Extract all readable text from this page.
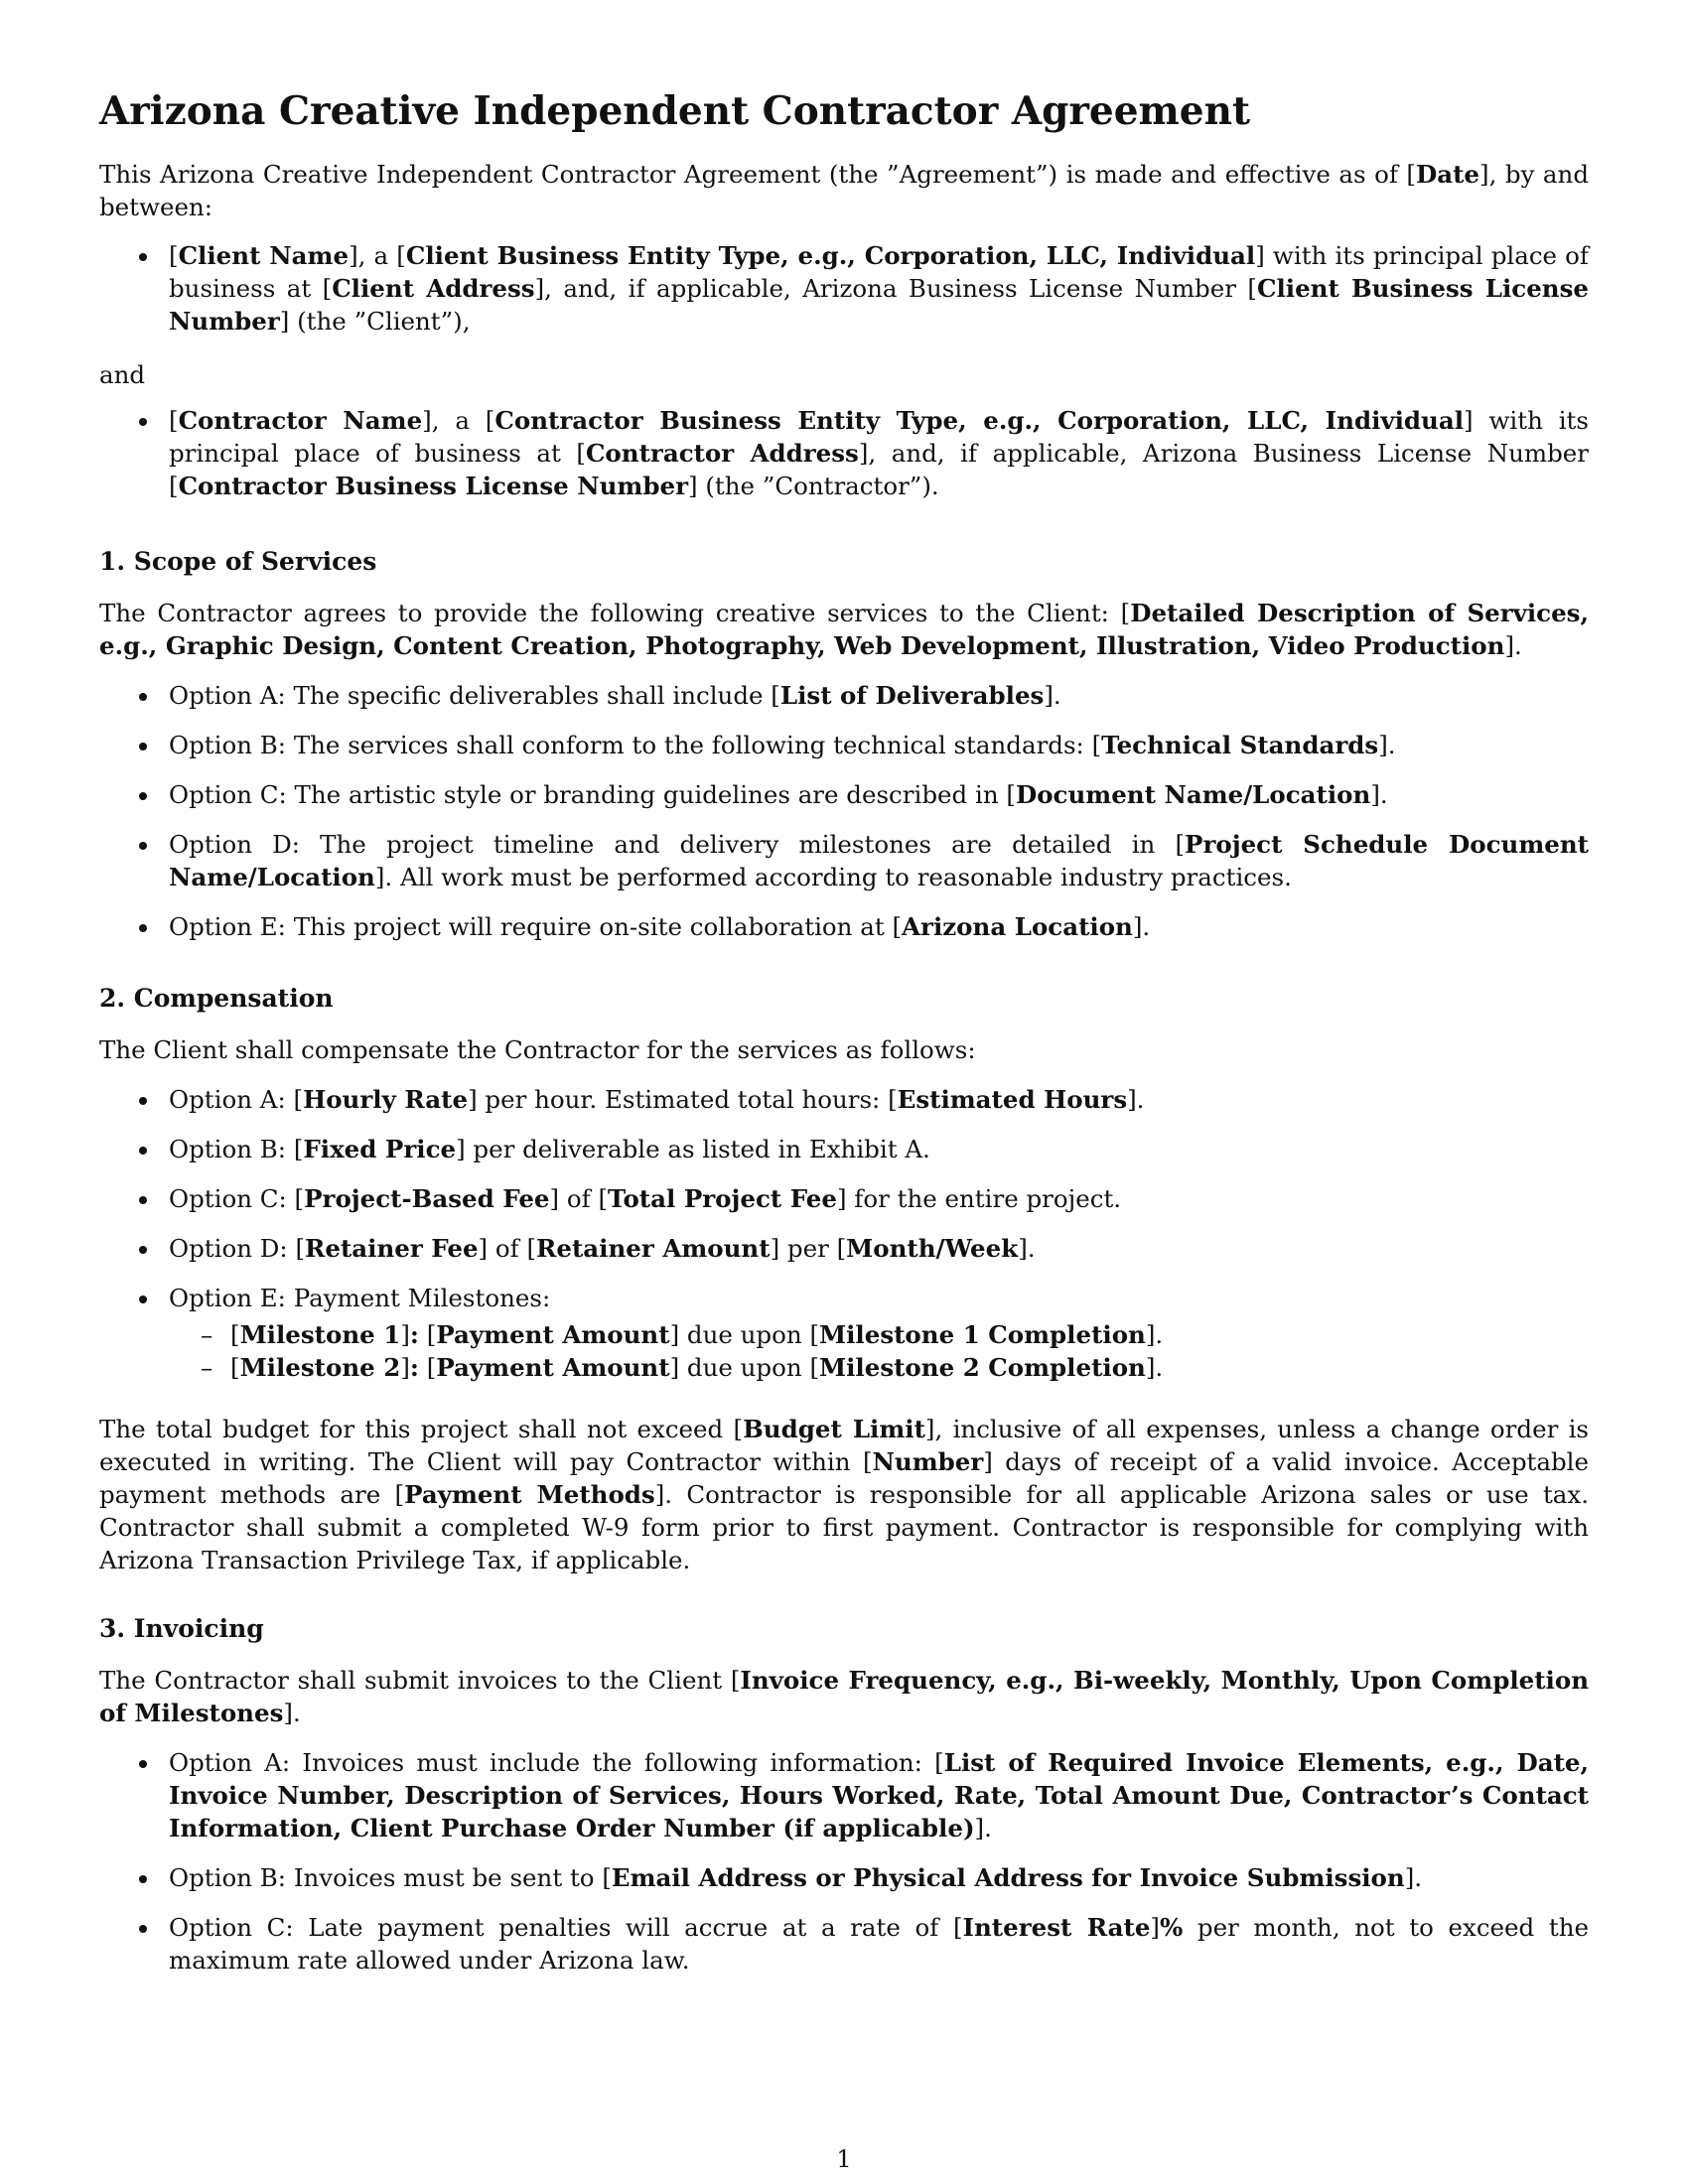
Arizona Creative Independent Contractor Agreement

This Arizona Creative Independent Contractor Agreement (the ”Agreement”) is made and effective as of [Date], by and between:

[Client Name], a [Client Business Entity Type, e.g., Corporation, LLC, Individual] with its principal place of business at [Client Address], and, if applicable, Arizona Business License Number [Client Business License Number] (the ”Client”),

and

[Contractor Name], a [Contractor Business Entity Type, e.g., Corporation, LLC, Individual] with its principal place of business at [Contractor Address], and, if applicable, Arizona Business License Number [Contractor Business License Number] (the ”Contractor”).
1. Scope of Services

The Contractor agrees to provide the following creative services to the Client: [Detailed Description of Services, e.g., Graphic Design, Content Creation, Photography, Web Development, Illustration, Video Production].

Option A: The specific deliverables shall include [List of Deliverables].
Option B: The services shall conform to the following technical standards: [Technical Standards].
Option C: The artistic style or branding guidelines are described in [Document Name/Location].
Option D: The project timeline and delivery milestones are detailed in [Project Schedule Document Name/Location]. All work must be performed according to reasonable industry practices.
Option E: This project will require on-site collaboration at [Arizona Location].
2. Compensation

The Client shall compensate the Contractor for the services as follows:

Option A: [Hourly Rate] per hour. Estimated total hours: [Estimated Hours].
Option B: [Fixed Price] per deliverable as listed in Exhibit A.
Option C: [Project-Based Fee] of [Total Project Fee] for the entire project.
Option D: [Retainer Fee] of [Retainer Amount] per [Month/Week].
Option E: Payment Milestones:
– [Milestone 1]: [Payment Amount] due upon [Milestone 1 Completion].
– [Milestone 2]: [Payment Amount] due upon [Milestone 2 Completion].

The total budget for this project shall not exceed [Budget Limit], inclusive of all expenses, unless a change order is executed in writing. The Client will pay Contractor within [Number] days of receipt of a valid invoice. Acceptable payment methods are [Payment Methods]. Contractor is responsible for all applicable Arizona sales or use tax. Contractor shall submit a completed W-9 form prior to first payment. Contractor is responsible for complying with Arizona Transaction Privilege Tax, if applicable.

3. Invoicing

The Contractor shall submit invoices to the Client [Invoice Frequency, e.g., Bi-weekly, Monthly, Upon Completion of Milestones].

Option A: Invoices must include the following information: [List of Required Invoice Elements, e.g., Date, Invoice Number, Description of Services, Hours Worked, Rate, Total Amount Due, Contractor’s Contact Information, Client Purchase Order Number (if applicable)].
Option B: Invoices must be sent to [Email Address or Physical Address for Invoice Submission].
Option C: Late payment penalties will accrue at a rate of [Interest Rate]% per month, not to exceed the maximum rate allowed under Arizona law.
1
